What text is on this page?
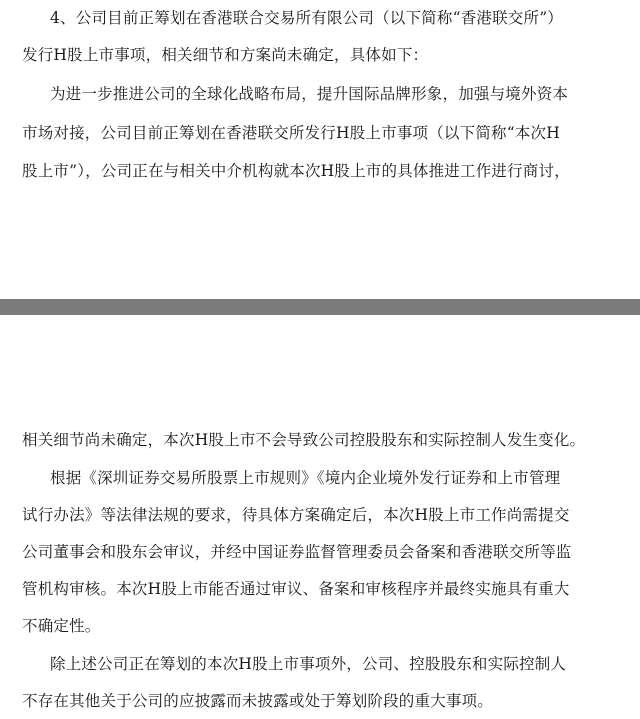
4、公司目前正筹划在香港联合交易所有限公司（以下简称“香港联交所”）
发行H股上市事项，相关细节和方案尚未确定，具体如下：
为进一步推进公司的全球化战略布局，提升国际品牌形象，加强与境外资本
市场对接，公司目前正筹划在香港联交所发行H股上市事项（以下简称“本次H
股上市”），公司正在与相关中介机构就本次H股上市的具体推进工作进行商讨，
相关细节尚未确定，本次H股上市不会导致公司控股股东和实际控制人发生变化。
根据《深圳证券交易所股票上市规则》《境内企业境外发行证券和上市管理
试行办法》等法律法规的要求，待具体方案确定后，本次H股上市工作尚需提交
公司董事会和股东会审议，并经中国证券监督管理委员会备案和香港联交所等监
管机构审核。本次H股上市能否通过审议、备案和审核程序并最终实施具有重大
不确定性。
除上述公司正在筹划的本次H股上市事项外，公司、控股股东和实际控制人
不存在其他关于公司的应披露而未披露或处于筹划阶段的重大事项。
